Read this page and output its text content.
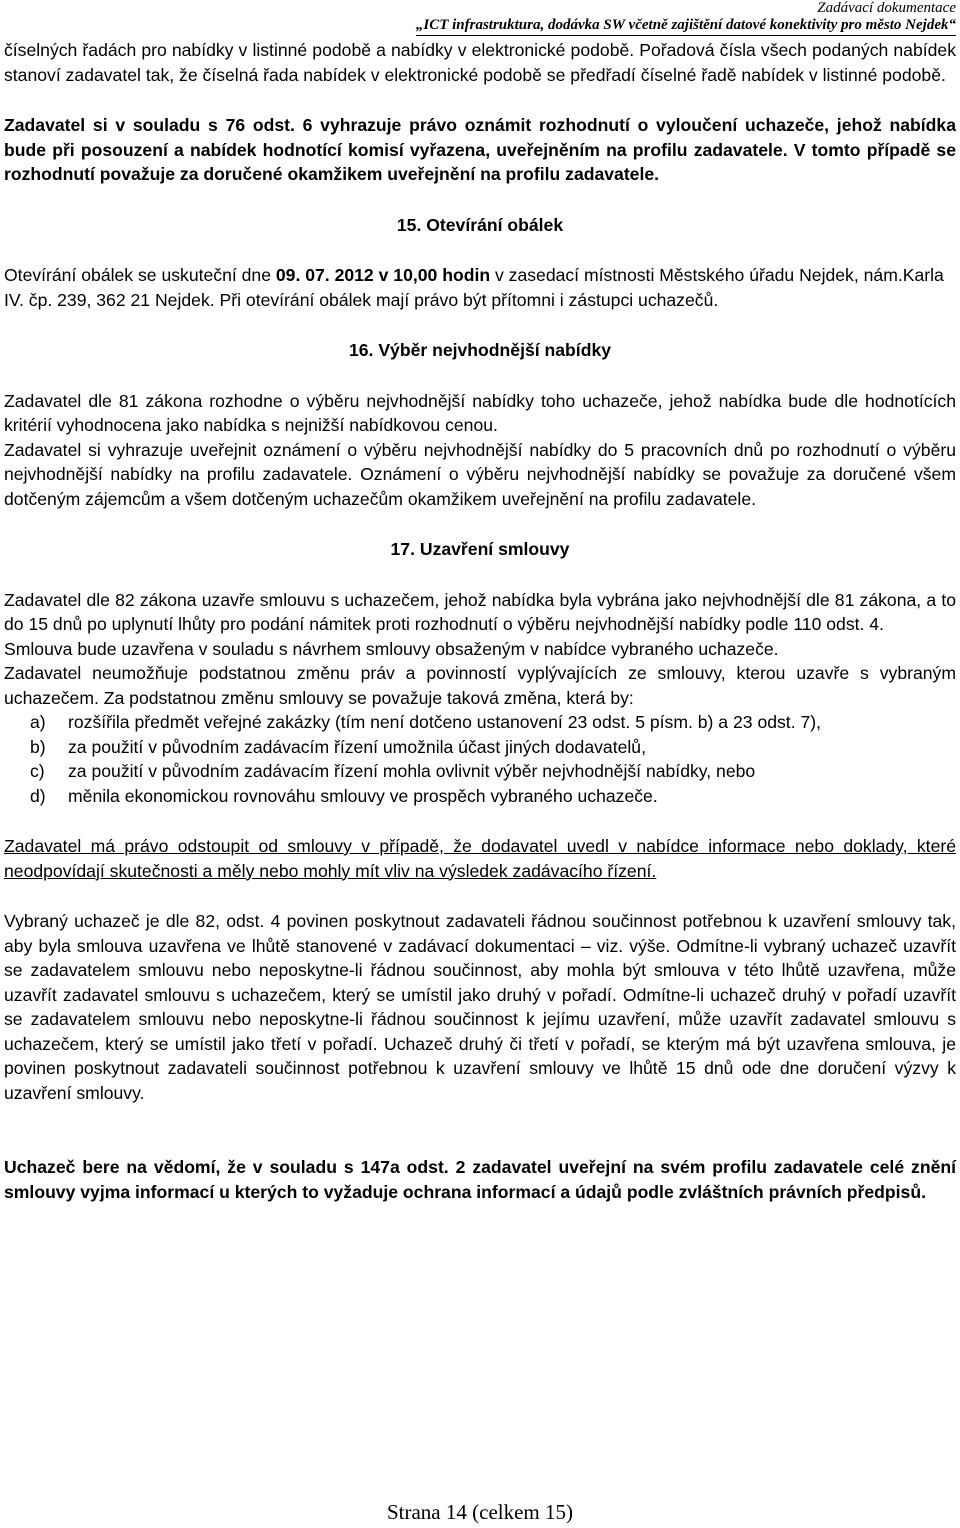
Zadávací dokumentace
„ICT infrastruktura, dodávka SW včetně zajištění datové konektivity pro město Nejdek“

číselných řadách pro nabídky v listinné podobě a nabídky v elektronické podobě. Pořadová čísla všech podaných nabídek stanoví zadavatel tak, že číselná řada nabídek v elektronické podobě se předřadí číselné řadě nabídek v listinné podobě.

Zadavatel si v souladu s 76 odst. 6 vyhrazuje právo oznámit rozhodnutí o vyloučení uchazeče, jehož nabídka bude při posouzení a nabídek hodnotící komisí vyřazena, uveřejněním na profilu zadavatele. V tomto případě se rozhodnutí považuje za doručené okamžikem uveřejnění na profilu zadavatele.

15. Otevírání obálek

Otevírání obálek se uskuteční dne 09. 07. 2012 v 10,00 hodin v zasedací místnosti Městského úřadu Nejdek, nám.Karla IV. čp. 239, 362 21 Nejdek. Při otevírání obálek mají právo být přítomni i zástupci uchazečů.

16. Výběr nejvhodnější nabídky

Zadavatel dle 81 zákona rozhodne o výběru nejvhodnější nabídky toho uchazeče, jehož nabídka bude dle hodnotících kritérií vyhodnocena jako nabídka s nejnižší nabídkovou cenou.

Zadavatel si vyhrazuje uveřejnit oznámení o výběru nejvhodnější nabídky do 5 pracovních dnů po rozhodnutí o výběru nejvhodnější nabídky na profilu zadavatele. Oznámení o výběru nejvhodnější nabídky se považuje za doručené všem dotčeným zájemcům a všem dotčeným uchazečům okamžikem uveřejnění na profilu zadavatele.

17. Uzavření smlouvy

Zadavatel dle 82 zákona uzavře smlouvu s uchazečem, jehož nabídka byla vybrána jako nejvhodnější dle 81 zákona, a to do 15 dnů po uplynutí lhůty pro podání námitek proti rozhodnutí o výběru nejvhodnější nabídky podle 110 odst. 4.

Smlouva bude uzavřena v souladu s návrhem smlouvy obsaženým v nabídce vybraného uchazeče.

Zadavatel neumožňuje podstatnou změnu práv a povinností vyplývajících ze smlouvy, kterou uzavře s vybraným uchazečem. Za podstatnou změnu smlouvy se považuje taková změna, která by:

a)	rozšířila předmět veřejné zakázky (tím není dotčeno ustanovení 23 odst. 5 písm. b) a 23 odst. 7),
b)	za použití v původním zadávacím řízení umožnila účast jiných dodavatelů,
c)	za použití v původním zadávacím řízení mohla ovlivnit výběr nejvhodnější nabídky, nebo
d)	měnila ekonomickou rovnováhu smlouvy ve prospěch vybraného uchazeče.

Zadavatel má právo odstoupit od smlouvy v případě, že dodavatel uvedl v nabídce informace nebo doklady, které neodpovídají skutečnosti a měly nebo mohly mít vliv na výsledek zadávacího řízení.

Vybraný uchazeč je dle 82, odst. 4 povinen poskytnout zadavateli řádnou součinnost potřebnou k uzavření smlouvy tak, aby byla smlouva uzavřena ve lhůtě stanovené v zadávací dokumentaci – viz. výše. Odmítne-li vybraný uchazeč uzavřít se zadavatelem smlouvu nebo neposkytne-li řádnou součinnost, aby mohla být smlouva v této lhůtě uzavřena, může uzavřít zadavatel smlouvu s uchazečem, který se umístil jako druhý v pořadí. Odmítne-li uchazeč druhý v pořadí uzavřít se zadavatelem smlouvu nebo neposkytne-li řádnou součinnost k jejímu uzavření, může uzavřít zadavatel smlouvu s uchazečem, který se umístil jako třetí v pořadí. Uchazeč druhý či třetí v pořadí, se kterým má být uzavřena smlouva, je povinen poskytnout zadavateli součinnost potřebnou k uzavření smlouvy ve lhůtě 15 dnů ode dne doručení výzvy k uzavření smlouvy.

Uchazeč bere na vědomí, že v souladu s 147a odst. 2 zadavatel uveřejní na svém profilu zadavatele celé znění smlouvy vyjma informací u kterých to vyžaduje ochrana informací a údajů podle zvláštních právních předpisů.

Strana 14 (celkem 15)
